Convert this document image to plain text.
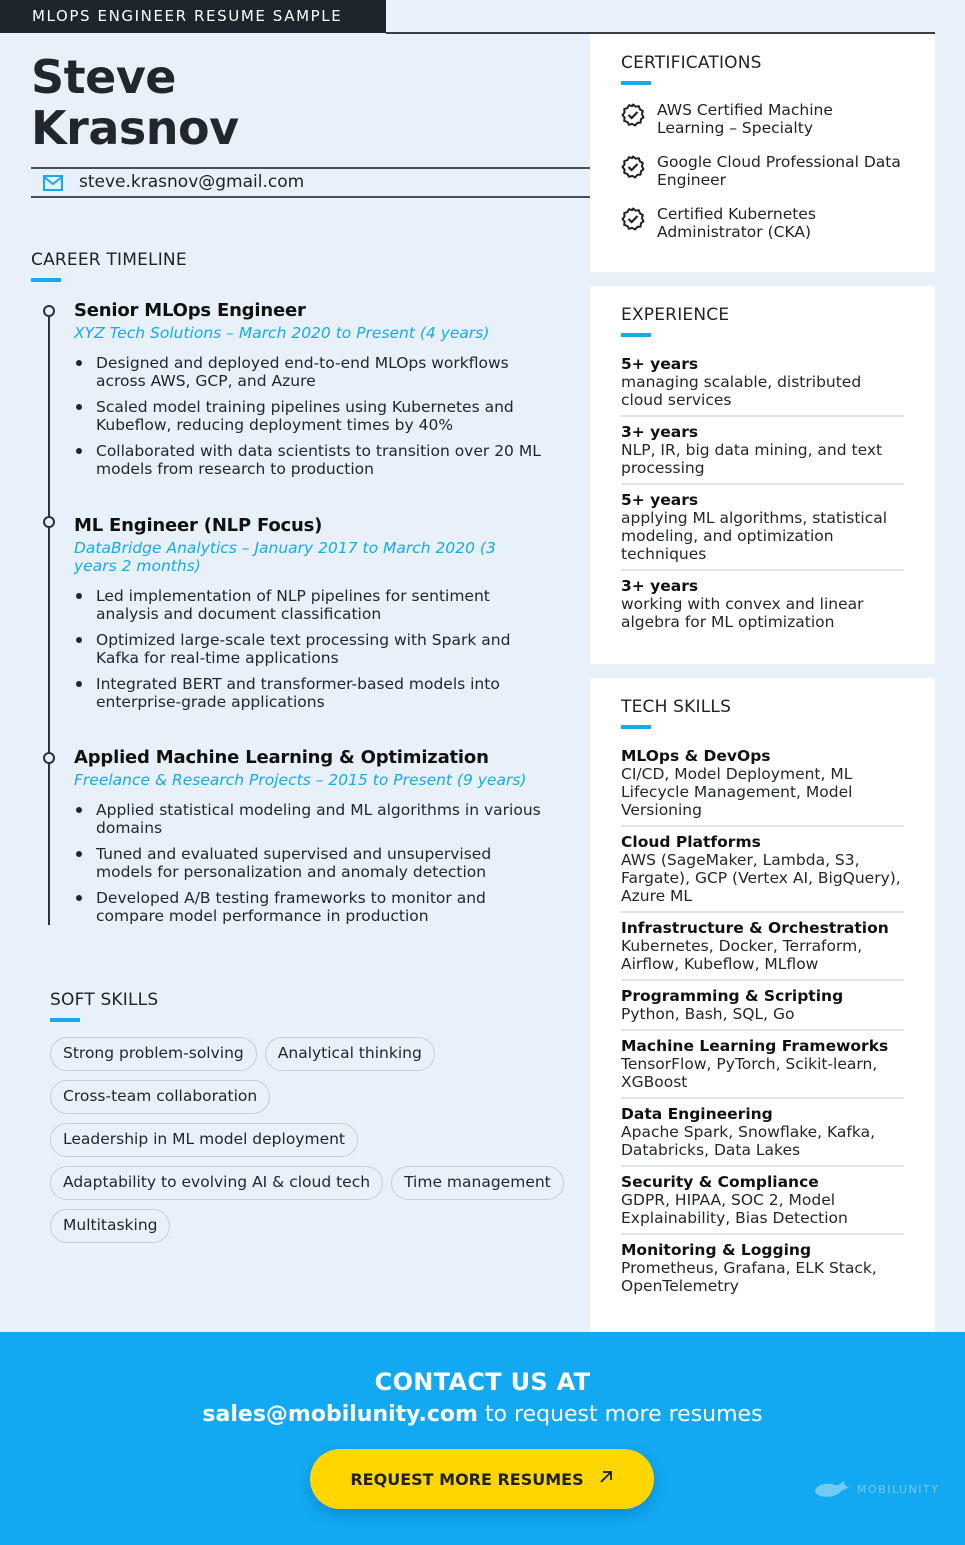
MLOPS ENGINEER RESUME SAMPLE
Steve
Krasnov
steve.krasnov@gmail.com
CAREER TIMELINE
Senior MLOps Engineer
XYZ Tech Solutions – March 2020 to Present (4 years)
Designed and deployed end-to-end MLOps workflows across AWS, GCP, and Azure
Scaled model training pipelines using Kubernetes and Kubeflow, reducing deployment times by 40%
Collaborated with data scientists to transition over 20 ML models from research to production
ML Engineer (NLP Focus)
DataBridge Analytics – January 2017 to March 2020 (3 years 2 months)
Led implementation of NLP pipelines for sentiment analysis and document classification
Optimized large-scale text processing with Spark and Kafka for real-time applications
Integrated BERT and transformer-based models into enterprise-grade applications
Applied Machine Learning & Optimization
Freelance & Research Projects – 2015 to Present (9 years)
Applied statistical modeling and ML algorithms in various domains
Tuned and evaluated supervised and unsupervised models for personalization and anomaly detection
Developed A/B testing frameworks to monitor and compare model performance in production
SOFT SKILLS
Strong problem-solving	Analytical thinking
Cross-team collaboration
Leadership in ML model deployment
Adaptability to evolving AI & cloud tech	Time management
Multitasking
CERTIFICATIONS
AWS Certified Machine Learning – Specialty
Google Cloud Professional Data Engineer
Certified Kubernetes Administrator (CKA)
EXPERIENCE
5+ years
managing scalable, distributed cloud services
3+ years
NLP, IR, big data mining, and text processing
5+ years
applying ML algorithms, statistical modeling, and optimization techniques
3+ years
working with convex and linear algebra for ML optimization
TECH SKILLS
MLOps & DevOps
CI/CD, Model Deployment, ML Lifecycle Management, Model Versioning
Cloud Platforms
AWS (SageMaker, Lambda, S3, Fargate), GCP (Vertex AI, BigQuery), Azure ML
Infrastructure & Orchestration
Kubernetes, Docker, Terraform, Airflow, Kubeflow, MLflow
Programming & Scripting
Python, Bash, SQL, Go
Machine Learning Frameworks
TensorFlow, PyTorch, Scikit-learn, XGBoost
Data Engineering
Apache Spark, Snowflake, Kafka, Databricks, Data Lakes
Security & Compliance
GDPR, HIPAA, SOC 2, Model Explainability, Bias Detection
Monitoring & Logging
Prometheus, Grafana, ELK Stack, OpenTelemetry
CONTACT US AT
sales@mobilunity.com to request more resumes
REQUEST MORE RESUMES
MOBILUNITY
